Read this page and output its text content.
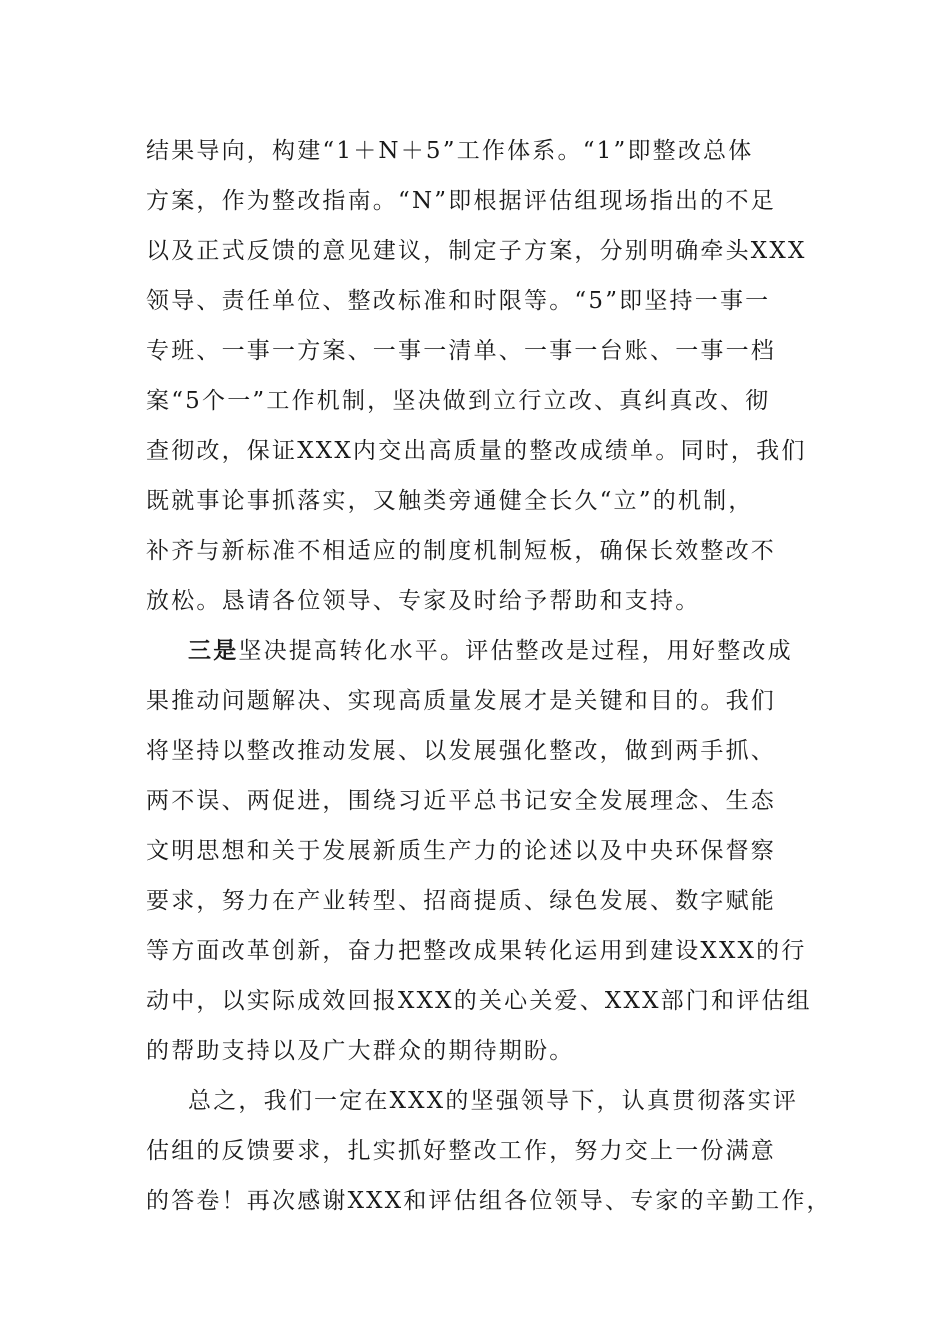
结果导向，构建“1＋N＋5”工作体系。“1”即整改总体
方案，作为整改指南。“N”即根据评估组现场指出的不足
以及正式反馈的意见建议，制定子方案，分别明确牵头XXX
领导、责任单位、整改标准和时限等。“5”即坚持一事一
专班、一事一方案、一事一清单、一事一台账、一事一档
案“5个一”工作机制，坚决做到立行立改、真纠真改、彻
查彻改，保证XXX内交出高质量的整改成绩单。同时，我们
既就事论事抓落实，又触类旁通健全长久“立”的机制，
补齐与新标准不相适应的制度机制短板，确保长效整改不
放松。恳请各位领导、专家及时给予帮助和支持。
三是坚决提高转化水平。评估整改是过程，用好整改成
果推动问题解决、实现高质量发展才是关键和目的。我们
将坚持以整改推动发展、以发展强化整改，做到两手抓、
两不误、两促进，围绕习近平总书记安全发展理念、生态
文明思想和关于发展新质生产力的论述以及中央环保督察
要求，努力在产业转型、招商提质、绿色发展、数字赋能
等方面改革创新，奋力把整改成果转化运用到建设XXX的行
动中，以实际成效回报XXX的关心关爱、XXX部门和评估组
的帮助支持以及广大群众的期待期盼。
总之，我们一定在XXX的坚强领导下，认真贯彻落实评
估组的反馈要求，扎实抓好整改工作，努力交上一份满意
的答卷！再次感谢XXX和评估组各位领导、专家的辛勤工作，
